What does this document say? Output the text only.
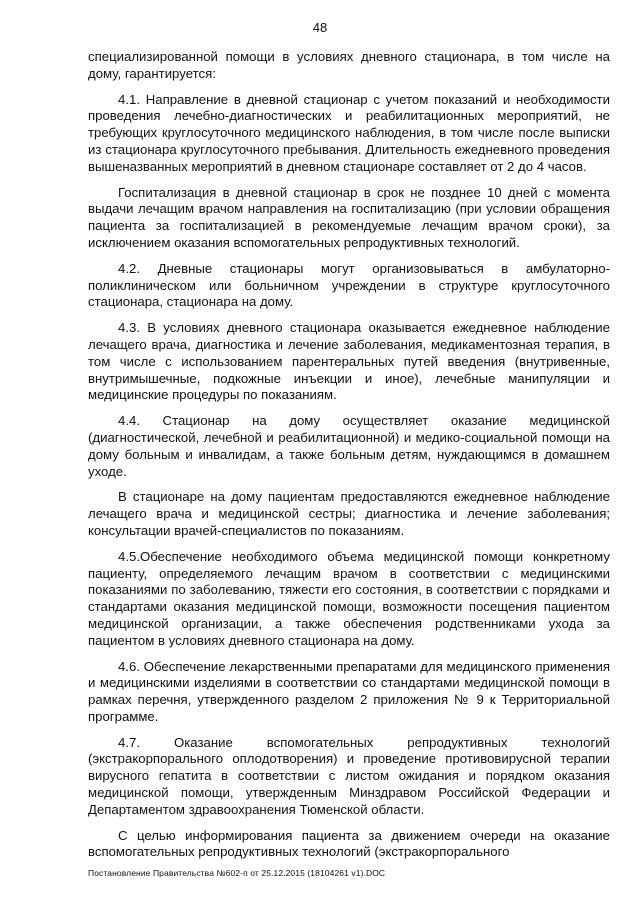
48

специализированной помощи в условиях дневного стационара, в том числе на дому, гарантируется:

4.1. Направление в дневной стационар с учетом показаний и необходимости проведения лечебно-диагностических и реабилитационных мероприятий, не требующих круглосуточного медицинского наблюдения, в том числе после выписки из стационара круглосуточного пребывания. Длительность ежедневного проведения вышеназванных мероприятий в дневном стационаре составляет от 2 до 4 часов.

Госпитализация в дневной стационар в срок не позднее 10 дней с момента выдачи лечащим врачом направления на госпитализацию (при условии обращения пациента за госпитализацией в рекомендуемые лечащим врачом сроки), за исключением оказания вспомогательных репродуктивных технологий.

4.2. Дневные стационары могут организовываться в амбулаторно-поликлиническом или больничном учреждении в структуре круглосуточного стационара, стационара на дому.

4.3. В условиях дневного стационара оказывается ежедневное наблюдение лечащего врача, диагностика и лечение заболевания, медикаментозная терапия, в том числе с использованием парентеральных путей введения (внутривенные, внутримышечные, подкожные инъекции и иное), лечебные манипуляции и медицинские процедуры по показаниям.

4.4. Стационар на дому осуществляет оказание медицинской (диагностической, лечебной и реабилитационной) и медико-социальной помощи на дому больным и инвалидам, а также больным детям, нуждающимся в домашнем уходе.

В стационаре на дому пациентам предоставляются ежедневное наблюдение лечащего врача и медицинской сестры; диагностика и лечение заболевания; консультации врачей-специалистов по показаниям.

4.5.Обеспечение необходимого объема медицинской помощи конкретному пациенту, определяемого лечащим врачом в соответствии с медицинскими показаниями по заболеванию, тяжести его состояния, в соответствии с порядками и стандартами оказания медицинской помощи, возможности посещения пациентом медицинской организации, а также обеспечения родственниками ухода за пациентом в условиях дневного стационара на дому.

4.6. Обеспечение лекарственными препаратами для медицинского применения и медицинскими изделиями в соответствии со стандартами медицинской помощи в рамках перечня, утвержденного разделом 2 приложения № 9 к Территориальной программе.

4.7. Оказание вспомогательных репродуктивных технологий (экстракорпорального оплодотворения) и проведение противовирусной терапии вирусного гепатита в соответствии с листом ожидания и порядком оказания медицинской помощи, утвержденным Минздравом Российской Федерации и Департаментом здравоохранения Тюменской области.

С целью информирования пациента за движением очереди на оказание вспомогательных репродуктивных технологий (экстракорпорального

Постановление Правительства №602-п от 25.12.2015 (18104261 v1).DOC
